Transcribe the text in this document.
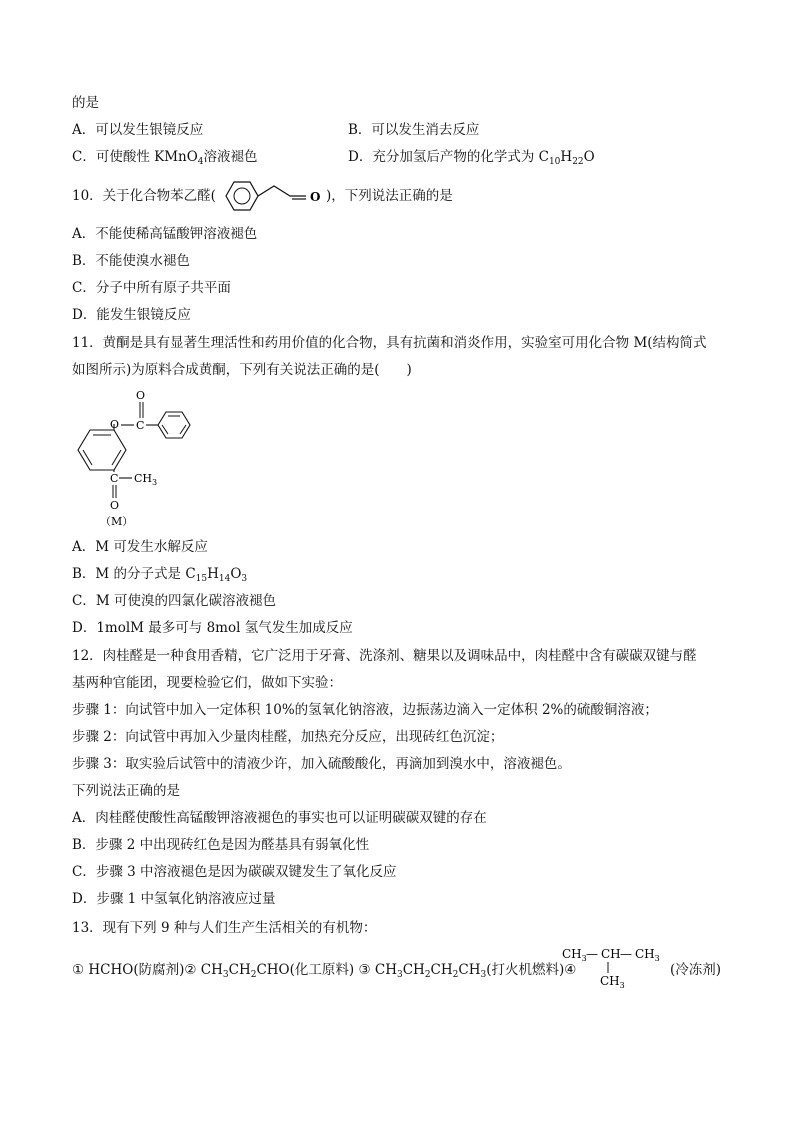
的是
A．可以发生银镜反应	B．可以发生消去反应
C．可使酸性 KMnO$_4$溶液褪色	D．充分加氢后产物的化学式为 $C_{10}H_{22}O$
10．关于化合物苯乙醛(	O )，下列说法正确的是
A．不能使稀高锰酸钾溶液褪色
B．不能使溴水褪色
C．分子中所有原子共平面
D．能发生银镜反应
11．黄酮是具有显著生理活性和药用价值的化合物，具有抗菌和消炎作用，实验室可用化合物 M(结构简式
如图所示)为原料合成黄酮，下列有关说法正确的是(　　)
O C
O
C $CH_3$
O
（M）
A．M 可发生水解反应
B．M 的分子式是 $C_{15}H_{14}O_3$
C．M 可使溴的四氯化碳溶液褪色
D．1molM 最多可与 8mol 氢气发生加成反应
12．肉桂醛是一种食用香精，它广泛用于牙膏、洗涤剂、糖果以及调味品中，肉桂醛中含有碳碳双键与醛
基两种官能团，现要检验它们，做如下实验：
步骤 1：向试管中加入一定体积 10%的氢氧化钠溶液，边振荡边滴入一定体积 2%的硫酸铜溶液；
步骤 2：向试管中再加入少量肉桂醛，加热充分反应，出现砖红色沉淀；
步骤 3：取实验后试管中的清液少许，加入硫酸酸化，再滴加到溴水中，溶液褪色。
下列说法正确的是
A．肉桂醛使酸性高锰酸钾溶液褪色的事实也可以证明碳碳双键的存在
B．步骤 2 中出现砖红色是因为醛基具有弱氧化性
C．步骤 3 中溶液褪色是因为碳碳双键发生了氧化反应
D．步骤 1 中氢氧化钠溶液应过量
13．现有下列 9 种与人们生产生活相关的有机物：
① HCHO(防腐剂)② $CH_3CH_2CHO$(化工原料) ③ $CH_3CH_2CH_2CH_3$(打火机燃料)④
$CH_3$ — CH — $CH_3$
$CH_3$
(冷冻剂)
